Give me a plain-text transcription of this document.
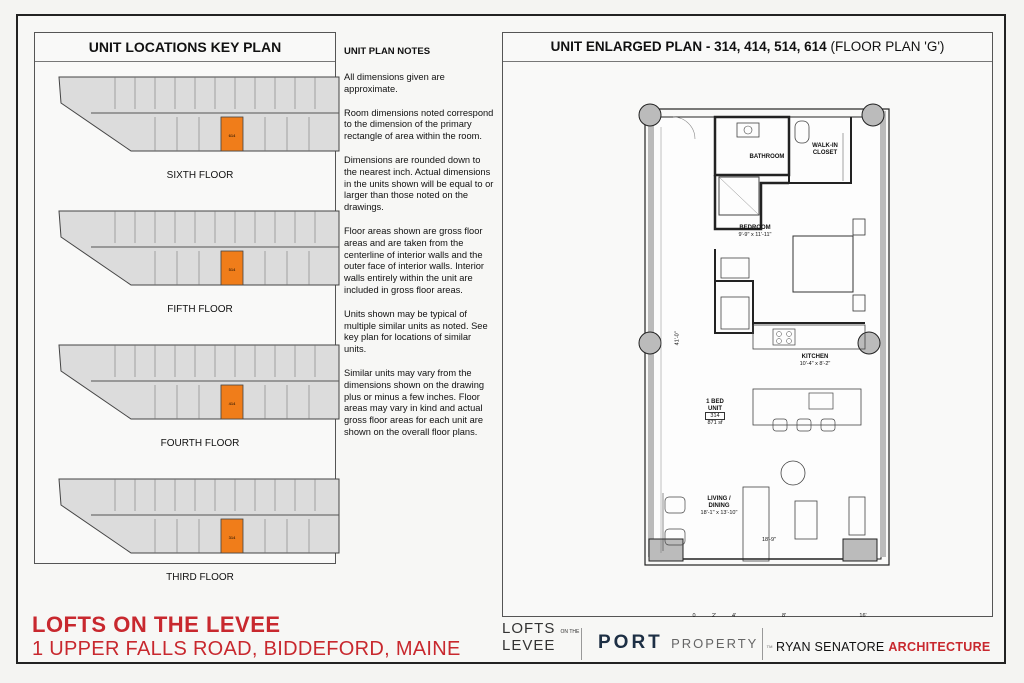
UNIT LOCATIONS KEY PLAN
614
SIXTH FLOOR
514
FIFTH FLOOR
414
FOURTH FLOOR
314
THIRD FLOOR
UNIT PLAN NOTES

All dimensions given are approximate.

Room dimensions noted correspond to the dimension of the primary rectangle of area within the room.

Dimensions are rounded down to the nearest inch. Actual dimensions in the units shown will be equal to or larger than those noted on the drawings.

Floor areas shown are gross floor areas and are taken from the centerline of interior walls and the outer face of interior walls. Interior walls entirely within the unit are included in gross floor areas.

Units shown may be typical of multiple similar units as noted. See key plan for locations of similar units.

Similar units may vary from the dimensions shown on the drawing plus or minus a few inches. Floor areas may vary in kind and actual gross floor areas for each unit are shown on the overall floor plans.

UNIT ENLARGED PLAN - 314, 414, 514, 614 (FLOOR PLAN 'G')
BATHROOM
WALK-IN
CLOSET
BEDROOM
9'-9" x 11'-11"
KITCHEN
10'-4" x 8'-2"
1 BED
UNIT
314
871 sf
LIVING /
DINING
18'-1" x 13'-10"
41'-0"
18'-9"
0	2'	4'	8'	16'
LOFTS ON THE LEVEE
1 UPPER FALLS ROAD, BIDDEFORD, MAINE
LOFTS ON THE
LEVEE	PORT PROPERTY TM RYAN SENATORE ARCHITECTURE
